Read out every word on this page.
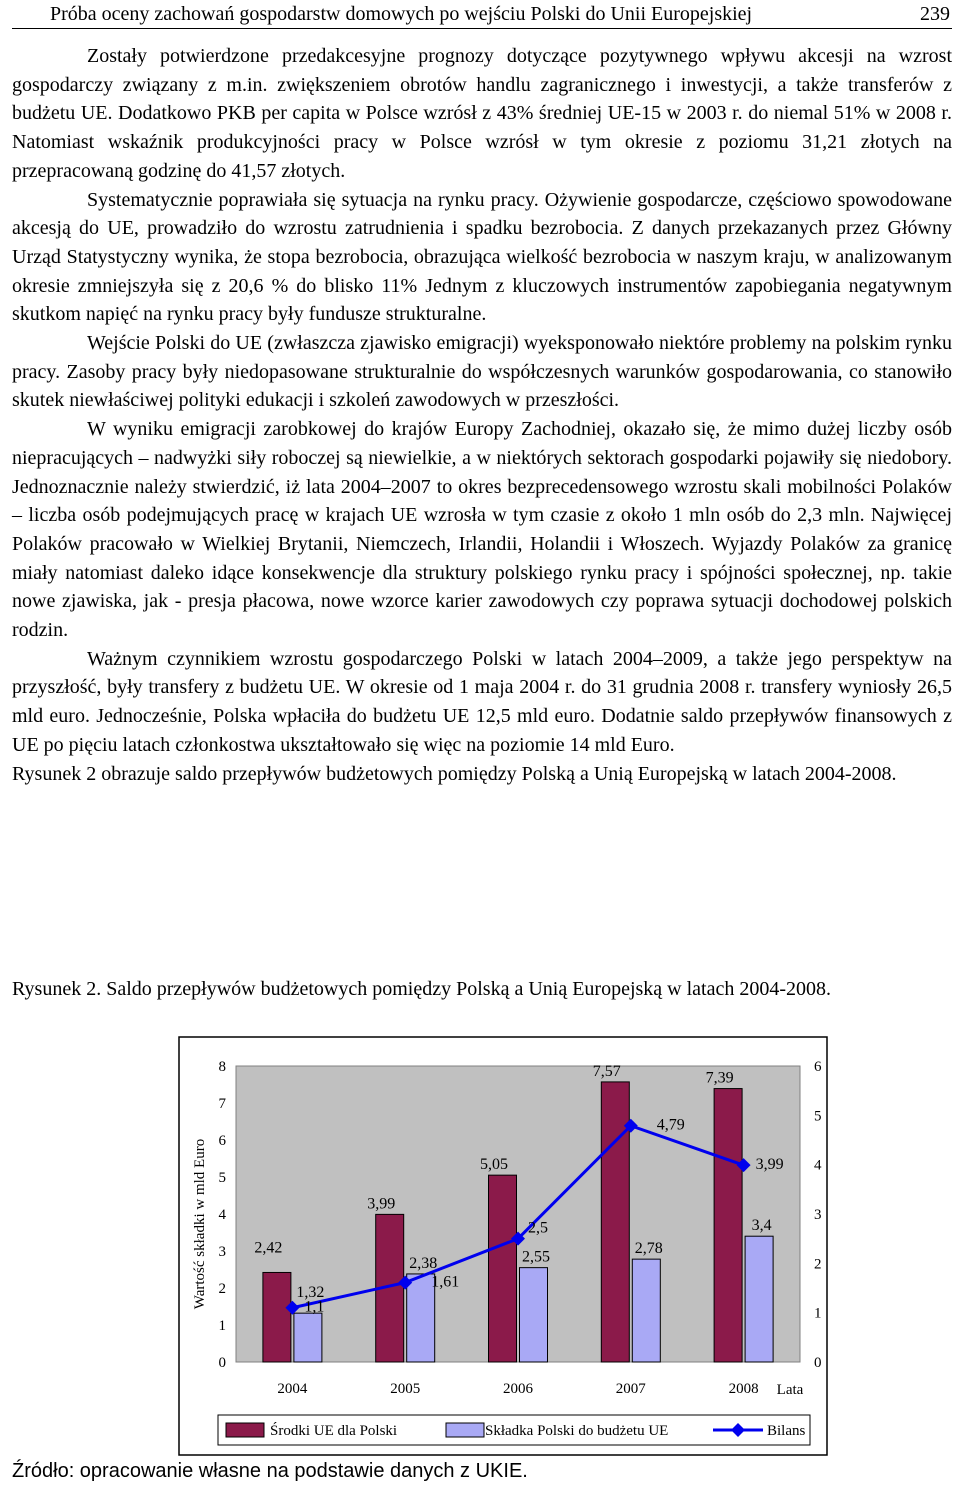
Próba oceny zachowań gospodarstw domowych po wejściu Polski do Unii Europejskiej	239

Zostały potwierdzone przedakcesyjne prognozy dotyczące pozytywnego wpływu akcesji na wzrost gospodarczy związany z m.in. zwiększeniem obrotów handlu zagranicznego i inwestycji, a także transferów z budżetu UE. Dodatkowo PKB per capita w Polsce wzrósł z 43% średniej UE-15 w 2003 r. do niemal 51% w 2008 r. Natomiast wskaźnik produkcyjności pracy w Polsce wzrósł w tym okresie z poziomu 31,21 złotych na przepracowaną godzinę do 41,57 złotych.

Systematycznie poprawiała się sytuacja na rynku pracy. Ożywienie gospodarcze, częściowo spowodowane akcesją do UE, prowadziło do wzrostu zatrudnienia i spadku bezrobocia. Z danych przekazanych przez Główny Urząd Statystyczny wynika, że stopa bezrobocia, obrazująca wielkość bezrobocia w naszym kraju, w analizowanym okresie zmniejszyła się z 20,6 % do blisko 11% Jednym z kluczowych instrumentów zapobiegania negatywnym skutkom napięć na rynku pracy były fundusze strukturalne.

Wejście Polski do UE (zwłaszcza zjawisko emigracji) wyeksponowało niektóre problemy na polskim rynku pracy. Zasoby pracy były niedopasowane strukturalnie do współczesnych warunków gospodarowania, co stanowiło skutek niewłaściwej polityki edukacji i szkoleń zawodowych w przeszłości.

W wyniku emigracji zarobkowej do krajów Europy Zachodniej, okazało się, że mimo dużej liczby osób niepracujących – nadwyżki siły roboczej są niewielkie, a w niektórych sektorach gospodarki pojawiły się niedobory. Jednoznacznie należy stwierdzić, iż lata 2004–2007 to okres bezprecedensowego wzrostu skali mobilności Polaków – liczba osób podejmujących pracę w krajach UE wzrosła w tym czasie z około 1 mln osób do 2,3 mln. Najwięcej Polaków pracowało w Wielkiej Brytanii, Niemczech, Irlandii, Holandii i Włoszech. Wyjazdy Polaków za granicę miały natomiast daleko idące konsekwencje dla struktury polskiego rynku pracy i spójności społecznej, np. takie nowe zjawiska, jak - presja płacowa, nowe wzorce karier zawodowych czy poprawa sytuacji dochodowej polskich rodzin.

Ważnym czynnikiem wzrostu gospodarczego Polski w latach 2004–2009, a także jego perspektyw na przyszłość, były transfery z budżetu UE. W okresie od 1 maja 2004 r. do 31 grudnia 2008 r. transfery wyniosły 26,5 mld euro. Jednocześnie, Polska wpłaciła do budżetu UE 12,5 mld euro. Dodatnie saldo przepływów finansowych z UE po pięciu latach członkostwa ukształtowało się więc na poziomie 14 mld Euro.

Rysunek 2 obrazuje saldo przepływów budżetowych pomiędzy Polską a Unią Europejską w latach 2004-2008.

Rysunek 2. Saldo przepływów budżetowych pomiędzy Polską a Unią Europejską w latach 2004-2008.
Wartość składki w mld Euro
0
1
2
3
4
5
6
7
8
0
1
2
3
4
5
6
2004	2005	2006	2007	2008 Lata
2,42
1,32
3,99
2,38
5,05
2,55
7,57
2,78
7,39
3,4
1,1
1,61
2,5
4,79
3,99
Środki UE dla Polski	Składka Polski do budżetu UE	Bilans
Źródło: opracowanie własne na podstawie danych z UKIE.
